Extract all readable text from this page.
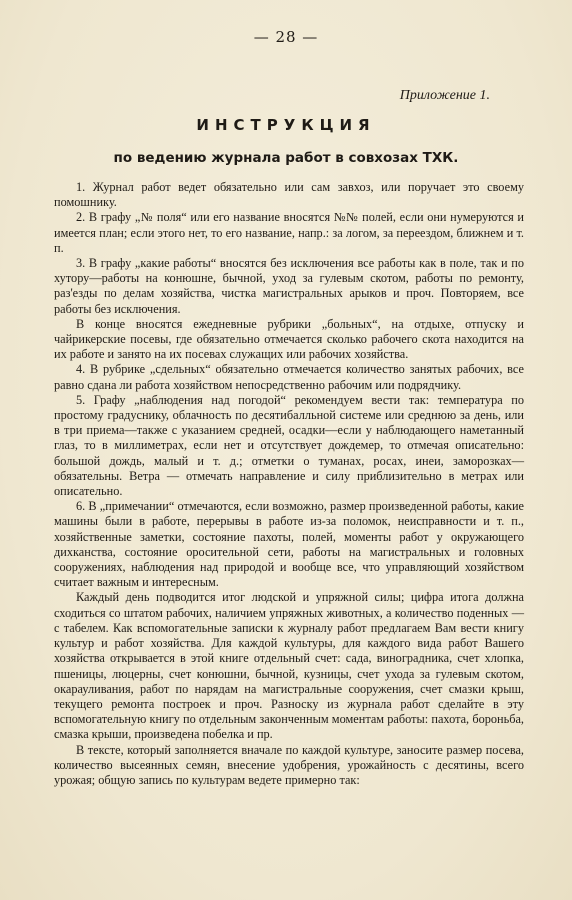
— 28 —
Приложение 1.
ИНСТРУКЦИЯ
по ведению журнала работ в совхозах ТХК.

1. Журнал работ ведет обязательно или сам завхоз, или поручает это своему помошнику.

2. В графу „№ поля“ или его название вносятся №№ полей, если они нумеруются и имеется план; если этого нет, то его название, напр.: за логом, за переездом, ближнем и т. п.

3. В графу „какие работы“ вносятся без исключения все работы как в поле, так и по хутору—работы на конюшне, бычной, уход за гулевым скотом, работы по ремонту, раз'езды по делам хозяйства, чистка магистральных арыков и проч. Повторяем, все работы без исключения.

В конце вносятся ежедневные рубрики „больных“, на отдыхе, отпуску и чайрикерские посевы, где обязательно отмечается сколько рабочего скота находится на их работе и занято на их посевах служащих или рабочих хозяйства.

4. В рубрике „сдельных“ обязательно отмечается количество занятых рабочих, все равно сдана ли работа хозяйством непосредственно рабочим или подрядчику.

5. Графу „наблюдения над погодой“ рекомендуем вести так: температура по простому градуснику, облачность по десятибалльной системе или среднюю за день, или в три приема—также с указанием средней, осадки—если у наблюдающего наметанный глаз, то в миллиметрах, если нет и отсутствует дождемер, то отмечая описательно: большой дождь, малый и т. д.; отметки о туманах, росах, инеи, заморозках—обязательны. Ветра — отмечать направление и силу приблизительно в метрах или описательно.

6. В „примечании“ отмечаются, если возможно, размер произведенной работы, какие машины были в работе, перерывы в работе из-за поломок, неисправности и т. п., хозяйственные заметки, состояние пахоты, полей, моменты работ у окружающего дихканства, состояние оросительной сети, работы на магистральных и головных сооружениях, наблюдения над природой и вообще все, что управляющий хозяйством считает важным и интересным.

Каждый день подводится итог людской и упряжной силы; цифра итога должна сходиться со штатом рабочих, наличием упряжных животных, а количество поденных — с табелем. Как вспомогательные записки к журналу работ предлагаем Вам вести книгу культур и работ хозяйства. Для каждой культуры, для каждого вида работ Вашего хозяйства открывается в этой книге отдельный счет: сада, виноградника, счет хлопка, пшеницы, люцерны, счет конюшни, бычной, кузницы, счет ухода за гулевым скотом, окарауливания, работ по нарядам на магистральные сооружения, счет смазки крыш, текущего ремонта построек и проч. Разноску из журнала работ сделайте в эту вспомогательную книгу по отдельным законченным моментам работы: пахота, бороньба, смазка крыши, произведена побелка и пр.

В тексте, который заполняется вначале по каждой культуре, заносите размер посева, количество высеянных семян, внесение удобрения, урожайность с десятины, всего урожая; общую запись по культурам ведете примерно так:
